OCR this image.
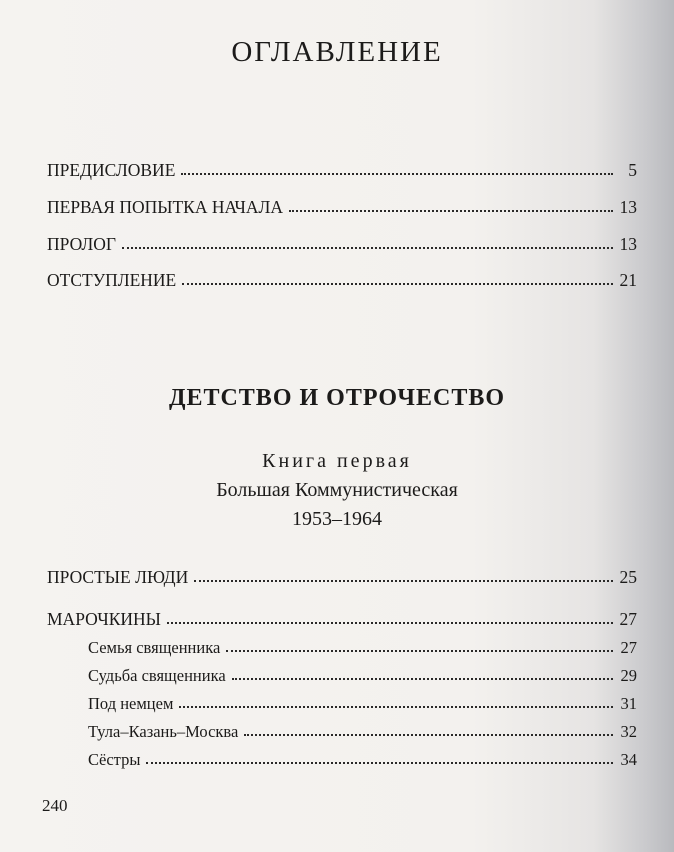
ОГЛАВЛЕНИЕ
ПРЕДИСЛОВИЕ	5
ПЕРВАЯ ПОПЫТКА НАЧАЛА	13
ПРОЛОГ	13
ОТСТУПЛЕНИЕ	21
ДЕТСТВО И ОТРОЧЕСТВО
Книга первая
Большая Коммунистическая
1953–1964
ПРОСТЫЕ ЛЮДИ	25
МАРОЧКИНЫ	27
Семья священника	27
Судьба священника	29
Под немцем	31
Тула–Казань–Москва	32
Сёстры	34
240
